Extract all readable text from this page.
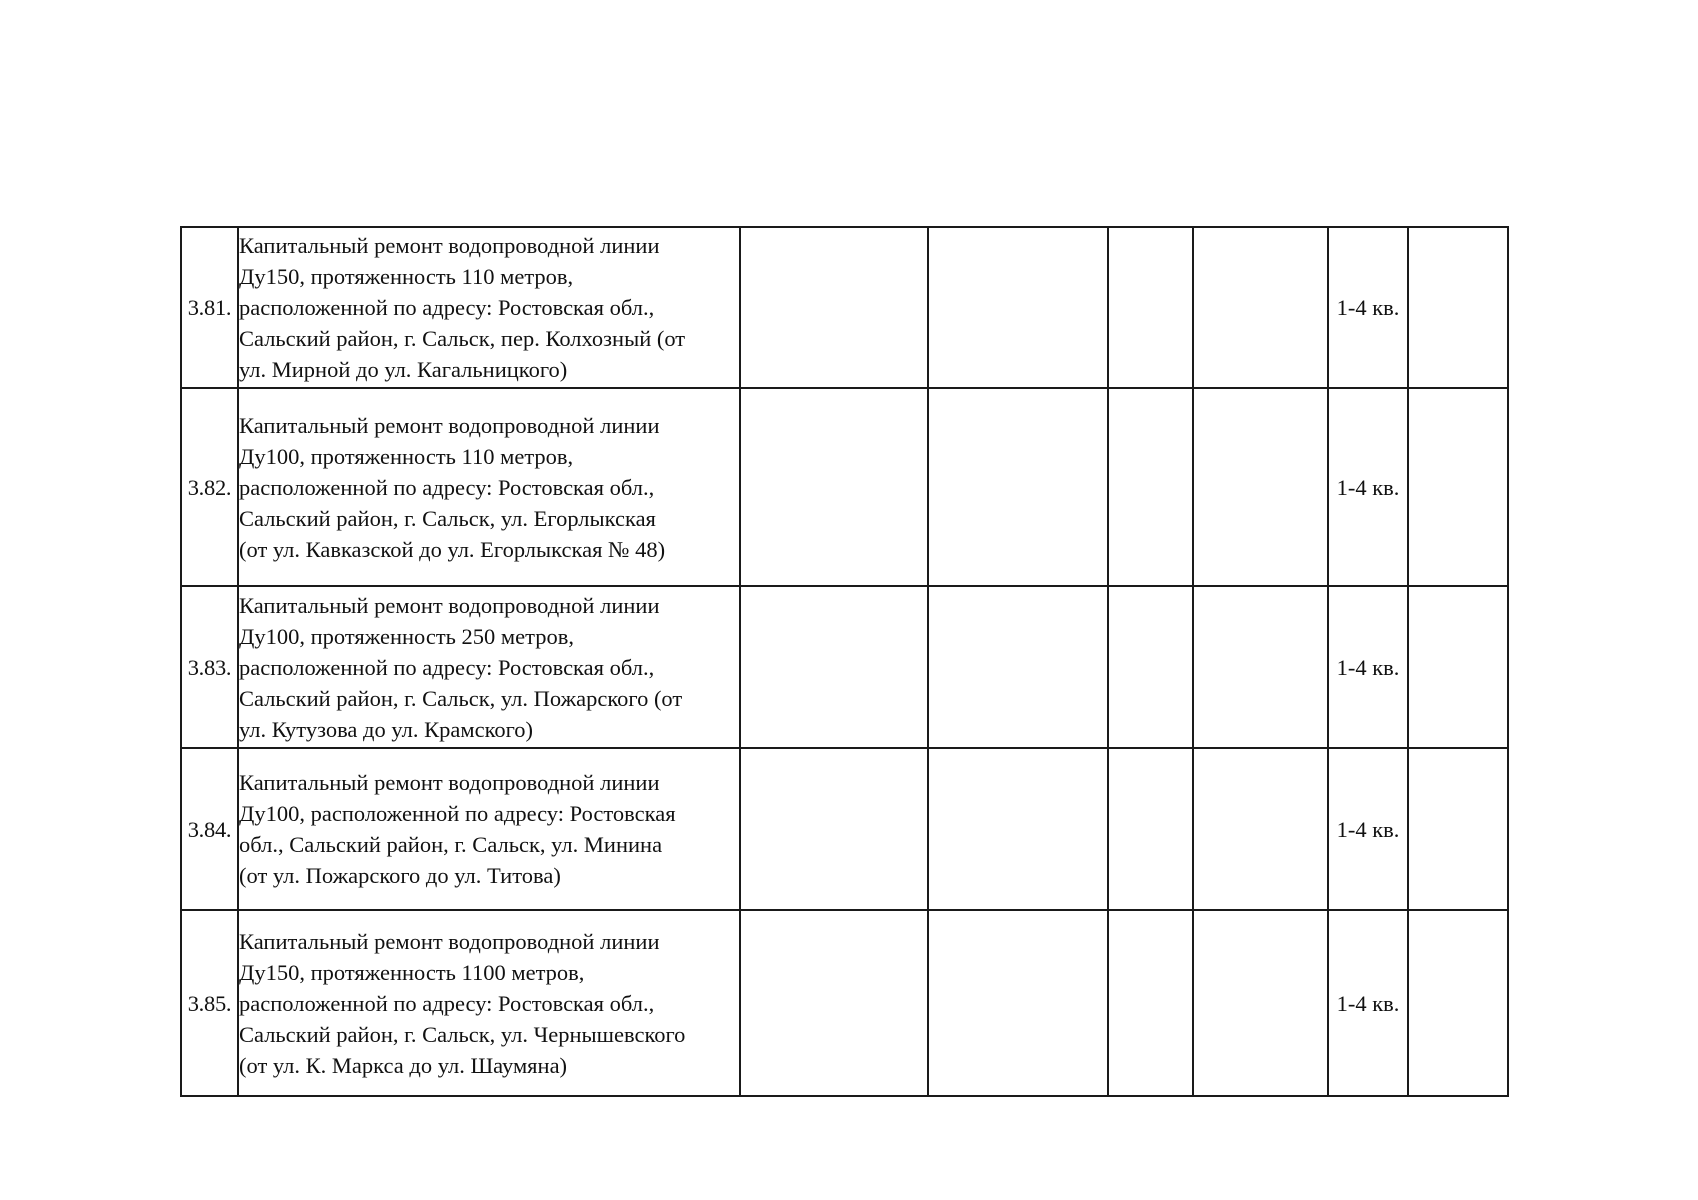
3.81.	Капитальный ремонт водопроводной линии
Ду150, протяженность 110 метров,
расположенной по адресу: Ростовская обл.,
Сальский район, г. Сальск, пер. Колхозный (от
ул. Мирной до ул. Кагальницкого)					1-4 кв.	
3.82.	Капитальный ремонт водопроводной линии
Ду100, протяженность 110 метров,
расположенной по адресу: Ростовская обл.,
Сальский район, г. Сальск, ул. Егорлыкская
(от ул. Кавказской до ул. Егорлыкская № 48)					1-4 кв.	
3.83.	Капитальный ремонт водопроводной линии
Ду100, протяженность 250 метров,
расположенной по адресу: Ростовская обл.,
Сальский район, г. Сальск, ул. Пожарского (от
ул. Кутузова до ул. Крамского)					1-4 кв.	
3.84.	Капитальный ремонт водопроводной линии
Ду100, расположенной по адресу: Ростовская
обл., Сальский район, г. Сальск, ул. Минина
(от ул. Пожарского до ул. Титова)					1-4 кв.	
3.85.	Капитальный ремонт водопроводной линии
Ду150, протяженность 1100 метров,
расположенной по адресу: Ростовская обл.,
Сальский район, г. Сальск, ул. Чернышевского
(от ул. К. Маркса до ул. Шаумяна)					1-4 кв.	
